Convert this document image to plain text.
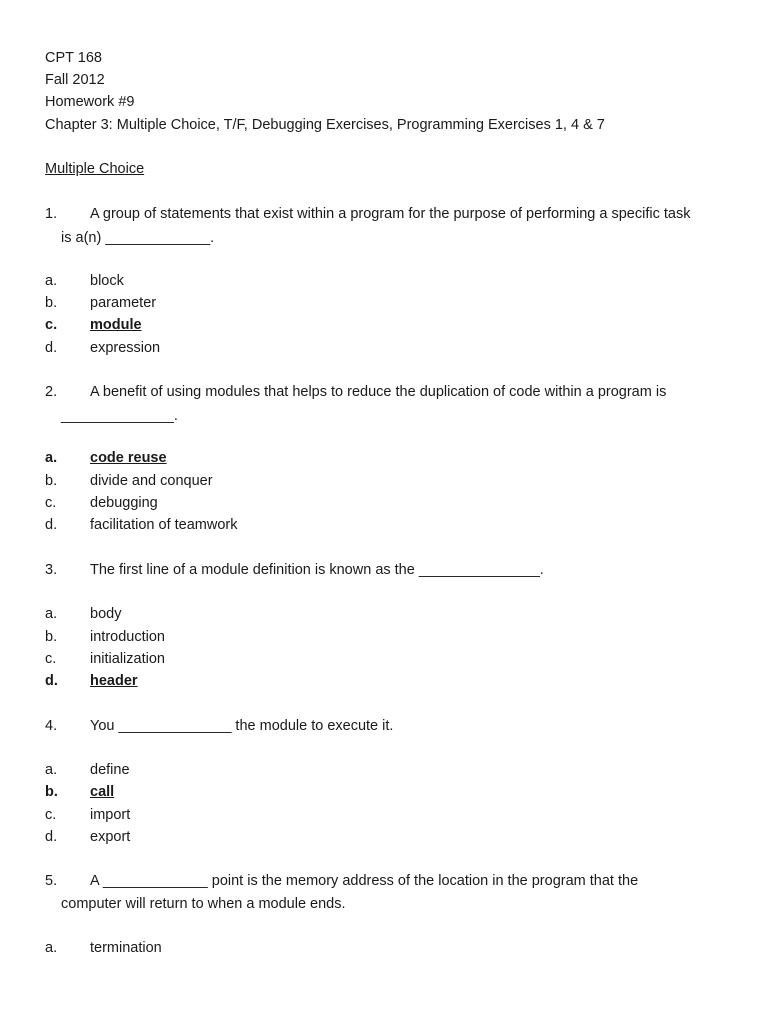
CPT 168
Fall 2012
Homework #9
Chapter 3: Multiple Choice, T/F, Debugging Exercises, Programming Exercises 1, 4 & 7
Multiple Choice
1. A group of statements that exist within a program for the purpose of performing a specific task
is a(n) _____________.
a. block
b. parameter
c. module
d. expression
2. A benefit of using modules that helps to reduce the duplication of code within a program is
______________.
a. code reuse
b. divide and conquer
c. debugging
d. facilitation of teamwork
3. The first line of a module definition is known as the _______________.
a. body
b. introduction
c. initialization
d. header
4. You ______________ the module to execute it.
a. define
b. call
c. import
d. export
5. A _____________ point is the memory address of the location in the program that the
computer will return to when a module ends.
a. termination
